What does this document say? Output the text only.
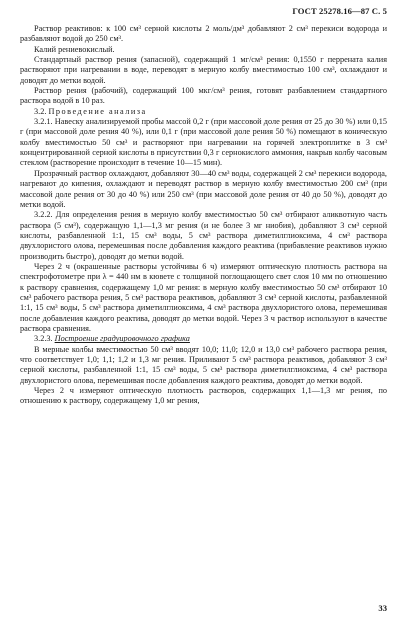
ГОСТ 25278.16—87 С. 5

Раствор реактивов: к 100 см³ серной кислоты 2 моль/дм³ добавляют 2 см³ перекиси водорода и разбавляют водой до 250 см³.

Калий рениевокислый.

Стандартный раствор рения (запасной), содержащий 1 мг/см³ рения: 0,1550 г перрената калия растворяют при нагревании в воде, переводят в мерную колбу вместимостью 100 см³, охлаждают и доводят до метки водой.

Раствор рения (рабочий), содержащий 100 мкг/см³ рения, готовят разбавлением стандартного раствора водой в 10 раз.

3.2. Проведение анализа

3.2.1. Навеску анализируемой пробы массой 0,2 г (при массовой доле рения от 25 до 30 %) или 0,15 г (при массовой доле рения 40 %), или 0,1 г (при массовой доле рения 50 %) помещают в коническую колбу вместимостью 50 см³ и растворяют при нагревании на горячей электроплитке в 3 см³ концентрированной серной кислоты в присутствии 0,3 г сернокислого аммония, накрыв колбу часовым стеклом (растворение происходит в течение 10—15 мин).

Прозрачный раствор охлаждают, добавляют 30—40 см³ воды, содержащей 2 см³ перекиси водорода, нагревают до кипения, охлаждают и переводят раствор в мерную колбу вместимостью 200 см³ (при массовой доле рения от 30 до 40 %) или 250 см³ (при массовой доле рения от 40 до 50 %), доводят до метки водой.

3.2.2. Для определения рения в мерную колбу вместимостью 50 см³ отбирают аликвотную часть раствора (5 см³), содержащую 1,1—1,3 мг рения (и не более 3 мг ниобия), добавляют 3 см³ серной кислоты, разбавленной 1:1, 15 см³ воды, 5 см³ раствора диметилглиоксима, 4 см³ раствора двухлористого олова, перемешивая после добавления каждого реактива (прибавление реактивов нужно производить быстро), доводят до метки водой.

Через 2 ч (окрашенные растворы устойчивы 6 ч) измеряют оптическую плотность раствора на спектрофотометре при λ = 440 нм в кювете с толщиной поглощающего свет слоя 10 мм по отношению к раствору сравнения, содержащему 1,0 мг рения: в мерную колбу вместимостью 50 см³ отбирают 10 см³ рабочего раствора рения, 5 см³ раствора реактивов, добавляют 3 см³ серной кислоты, разбавленной 1:1, 15 см³ воды, 5 см³ раствора диметилглиоксима, 4 см³ раствора двухлористого олова, перемешивая после добавления каждого реактива, доводят до метки водой. Через 3 ч раствор используют в качестве раствора сравнения.

3.2.3. Построение градуировочного графика

В мерные колбы вместимостью 50 см³ вводят 10,0; 11,0; 12,0 и 13,0 см³ рабочего раствора рения, что соответствует 1,0; 1,1; 1,2 и 1,3 мг рения. Приливают 5 см³ раствора реактивов, добавляют 3 см³ серной кислоты, разбавленной 1:1, 15 см³ воды, 5 см³ раствора диметилглиоксима, 4 см³ раствора двухлористого олова, перемешивая после добавления каждого реактива, доводят до метки водой.

Через 2 ч измеряют оптическую плотность растворов, содержащих 1,1—1,3 мг рения, по отношению к раствору, содержащему 1,0 мг рения,

33
